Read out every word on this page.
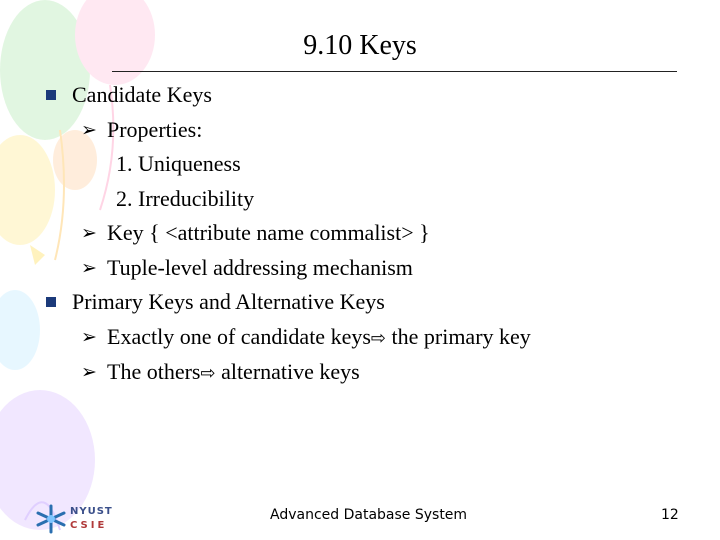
9.10 Keys
Candidate Keys
➢ Properties:
1. Uniqueness
2. Irreducibility
➢ Key { <attribute name commalist> }
➢ Tuple-level addressing mechanism
Primary Keys and Alternative Keys
➢ Exactly one of candidate keys⇨ the primary key
➢ The others⇨ alternative keys
NYUST
CSIE
Advanced Database System	12
